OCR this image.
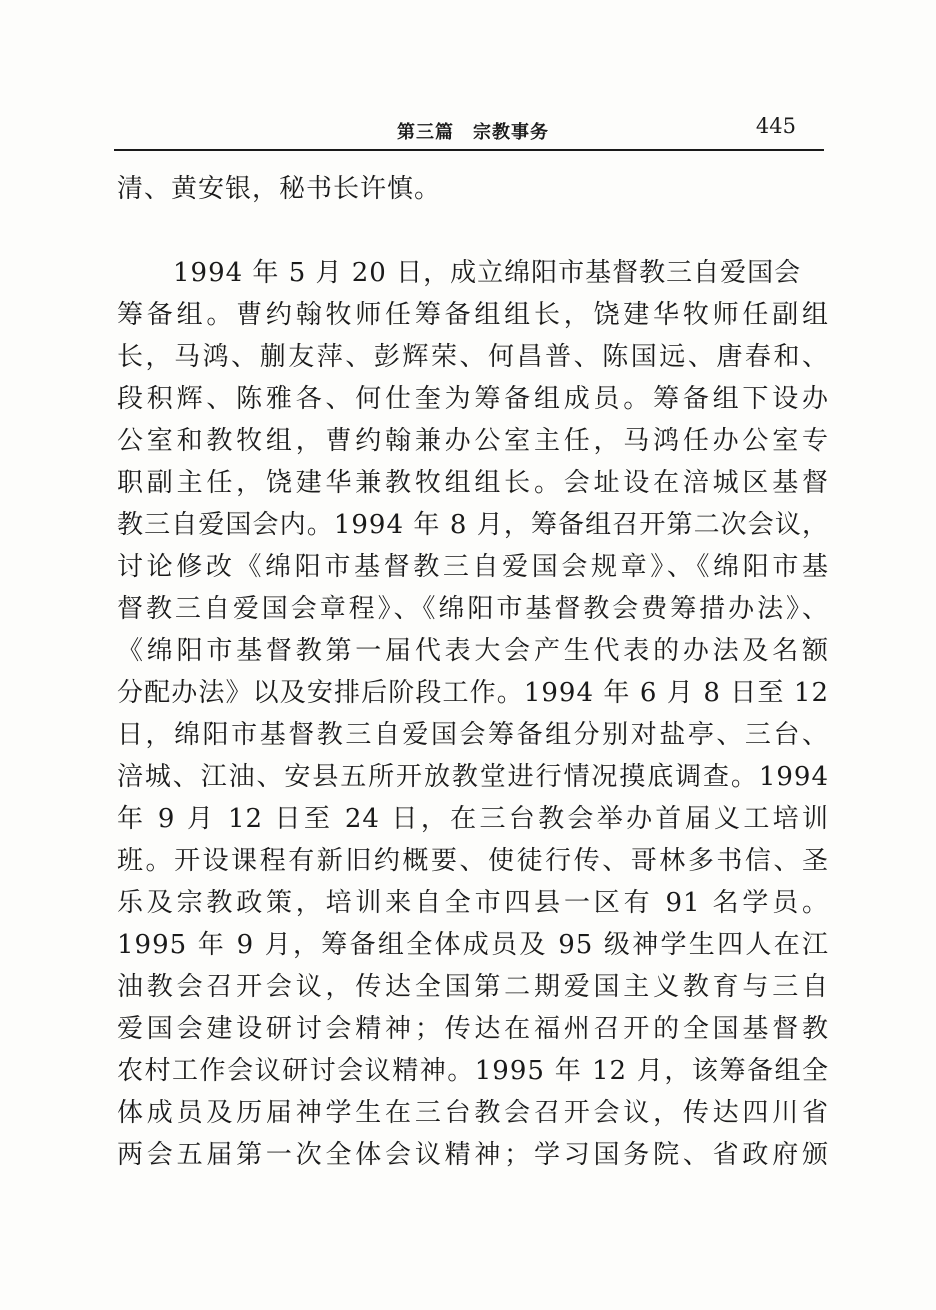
第三篇　宗教事务	445
清、黄安银，秘书长许慎。
1994 年 5 月 20 日，成立绵阳市基督教三自爱国会
筹备组。曹约翰牧师任筹备组组长，饶建华牧师任副组
长，马鸿、蒯友萍、彭辉荣、何昌普、陈国远、唐春和、
段积辉、陈雅各、何仕奎为筹备组成员。筹备组下设办
公室和教牧组，曹约翰兼办公室主任，马鸿任办公室专
职副主任，饶建华兼教牧组组长。会址设在涪城区基督
教三自爱国会内。1994 年 8 月，筹备组召开第二次会议，
讨论修改《绵阳市基督教三自爱国会规章》、《绵阳市基
督教三自爱国会章程》、《绵阳市基督教会费筹措办法》、
《绵阳市基督教第一届代表大会产生代表的办法及名额
分配办法》以及安排后阶段工作。1994 年 6 月 8 日至 12
日，绵阳市基督教三自爱国会筹备组分别对盐亭、三台、
涪城、江油、安县五所开放教堂进行情况摸底调查。1994
年 9 月 12 日至 24 日，在三台教会举办首届义工培训
班。开设课程有新旧约概要、使徒行传、哥林多书信、圣
乐及宗教政策，培训来自全市四县一区有 91 名学员。
1995 年 9 月，筹备组全体成员及 95 级神学生四人在江
油教会召开会议，传达全国第二期爱国主义教育与三自
爱国会建设研讨会精神；传达在福州召开的全国基督教
农村工作会议研讨会议精神。1995 年 12 月，该筹备组全
体成员及历届神学生在三台教会召开会议，传达四川省
两会五届第一次全体会议精神；学习国务院、省政府颁
